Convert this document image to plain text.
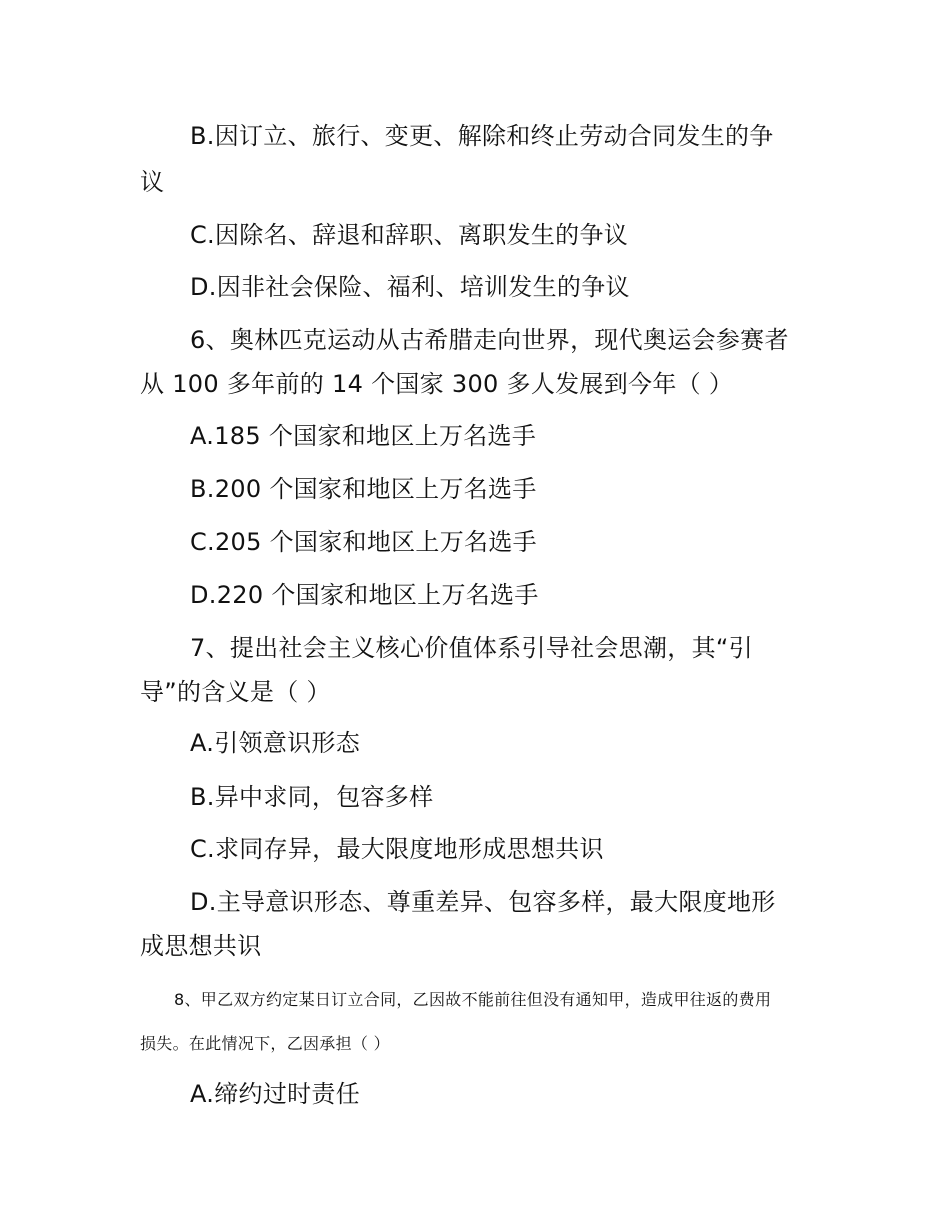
B.因订立、旅行、变更、解除和终止劳动合同发生的争
议
C.因除名、辞退和辞职、离职发生的争议
D.因非社会保险、福利、培训发生的争议
6、奥林匹克运动从古希腊走向世界，现代奥运会参赛者
从 100 多年前的 14 个国家 300 多人发展到今年（ ）
A.185 个国家和地区上万名选手
B.200 个国家和地区上万名选手
C.205 个国家和地区上万名选手
D.220 个国家和地区上万名选手
7、提出社会主义核心价值体系引导社会思潮，其“引
导”的含义是（ ）
A.引领意识形态
B.异中求同，包容多样
C.求同存异，最大限度地形成思想共识
D.主导意识形态、尊重差异、包容多样，最大限度地形
成思想共识
8、甲乙双方约定某日订立合同，乙因故不能前往但没有通知甲，造成甲往返的费用
损失。在此情况下，乙因承担（ ）
A.缔约过时责任
